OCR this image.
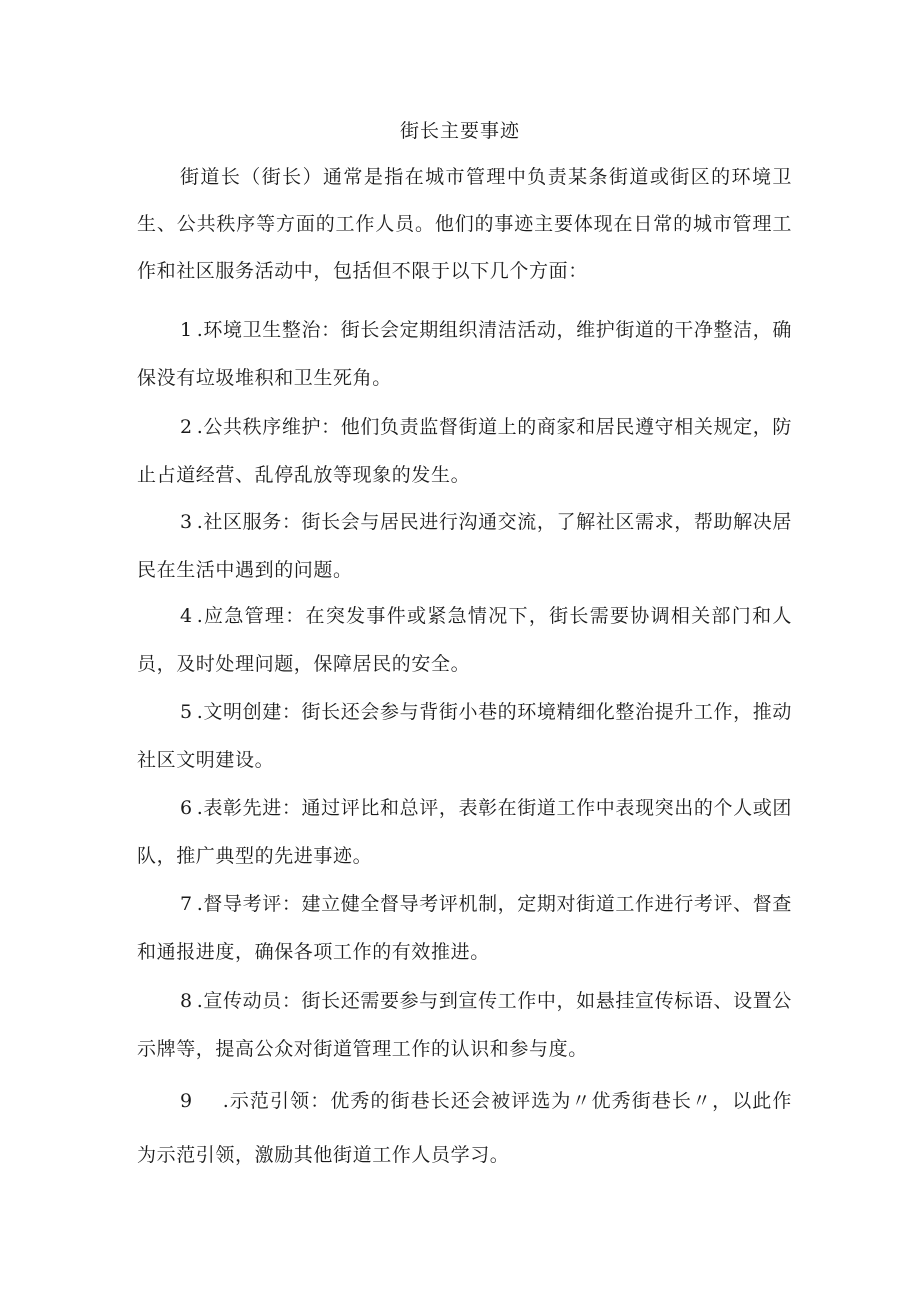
街长主要事迹
街道长（街长）通常是指在城市管理中负责某条街道或街区的环境卫生、公共秩序等方面的工作人员。他们的事迹主要体现在日常的城市管理工作和社区服务活动中，包括但不限于以下几个方面：
1 .环境卫生整治：街长会定期组织清洁活动，维护街道的干净整洁，确保没有垃圾堆积和卫生死角。
2 .公共秩序维护：他们负责监督街道上的商家和居民遵守相关规定，防止占道经营、乱停乱放等现象的发生。
3 .社区服务：街长会与居民进行沟通交流，了解社区需求，帮助解决居民在生活中遇到的问题。
4 .应急管理：在突发事件或紧急情况下，街长需要协调相关部门和人员，及时处理问题，保障居民的安全。
5 .文明创建：街长还会参与背街小巷的环境精细化整治提升工作，推动社区文明建设。
6 .表彰先进：通过评比和总评，表彰在街道工作中表现突出的个人或团队，推广典型的先进事迹。
7 .督导考评：建立健全督导考评机制，定期对街道工作进行考评、督查和通报进度，确保各项工作的有效推进。
8 .宣传动员：街长还需要参与到宣传工作中，如悬挂宣传标语、设置公示牌等，提高公众对街道管理工作的认识和参与度。
9 .示范引领：优秀的街巷长还会被评选为〃优秀街巷长〃，以此作为示范引领，激励其他街道工作人员学习。
